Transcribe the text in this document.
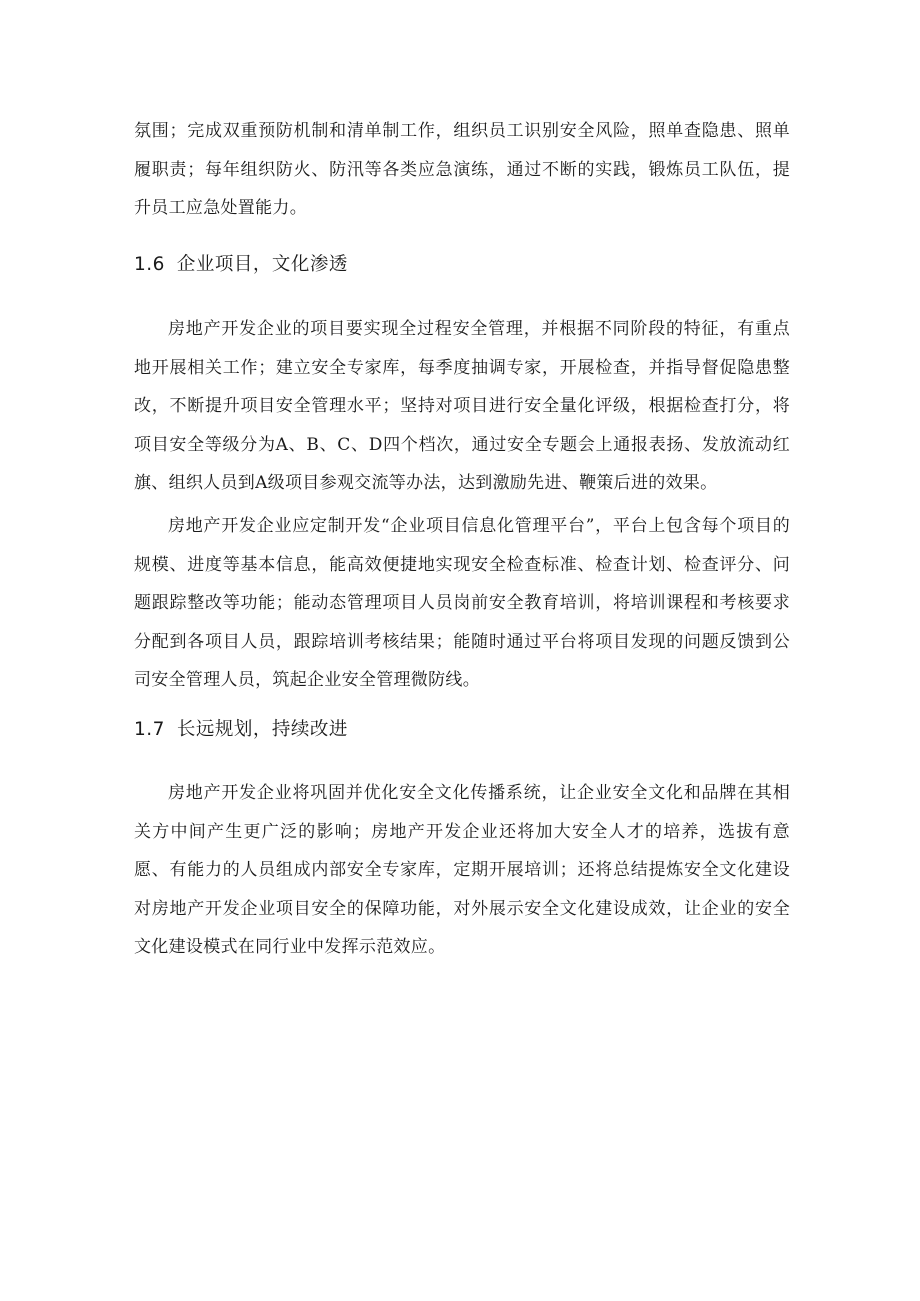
氛围；完成双重预防机制和清单制工作，组织员工识别安全风险，照单查隐患、照单履职责；每年组织防火、防汛等各类应急演练，通过不断的实践，锻炼员工队伍，提升员工应急处置能力。

1.6 企业项目，文化渗透

房地产开发企业的项目要实现全过程安全管理，并根据不同阶段的特征，有重点地开展相关工作；建立安全专家库，每季度抽调专家，开展检查，并指导督促隐患整改，不断提升项目安全管理水平；坚持对项目进行安全量化评级，根据检查打分，将项目安全等级分为A、B、C、D四个档次，通过安全专题会上通报表扬、发放流动红旗、组织人员到A级项目参观交流等办法，达到激励先进、鞭策后进的效果。

房地产开发企业应定制开发“企业项目信息化管理平台”，平台上包含每个项目的规模、进度等基本信息，能高效便捷地实现安全检查标准、检查计划、检查评分、问题跟踪整改等功能；能动态管理项目人员岗前安全教育培训，将培训课程和考核要求分配到各项目人员，跟踪培训考核结果；能随时通过平台将项目发现的问题反馈到公司安全管理人员，筑起企业安全管理微防线。

1.7 长远规划，持续改进

房地产开发企业将巩固并优化安全文化传播系统，让企业安全文化和品牌在其相关方中间产生更广泛的影响；房地产开发企业还将加大安全人才的培养，选拔有意愿、有能力的人员组成内部安全专家库，定期开展培训；还将总结提炼安全文化建设对房地产开发企业项目安全的保障功能，对外展示安全文化建设成效，让企业的安全文化建设模式在同行业中发挥示范效应。
